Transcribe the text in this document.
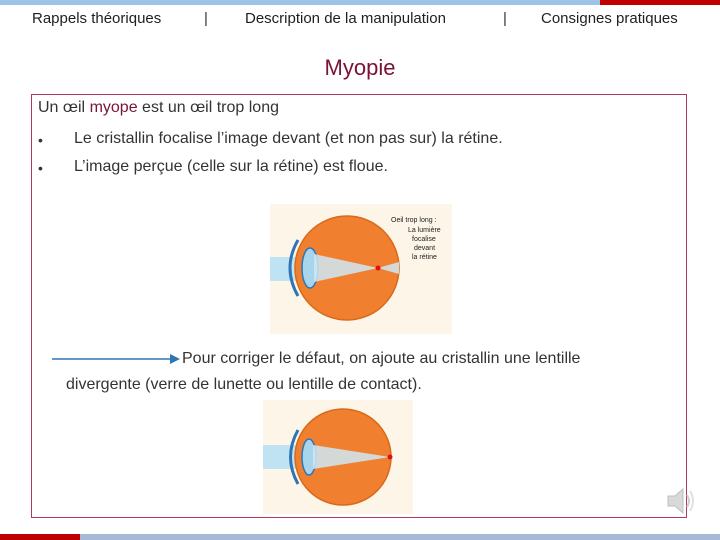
Rappels théoriques	| Description de la manipulation	| Consignes pratiques
Myopie
Un œil myope est un œil trop long
• Le cristallin focalise l’image devant (et non pas sur) la rétine.
• L’image perçue (celle sur la rétine) est floue.
Oeil trop long :
La lumière
focalise
devant
la rétine
Pour corriger le défaut, on ajoute au cristallin une lentille
divergente (verre de lunette ou lentille de contact).
